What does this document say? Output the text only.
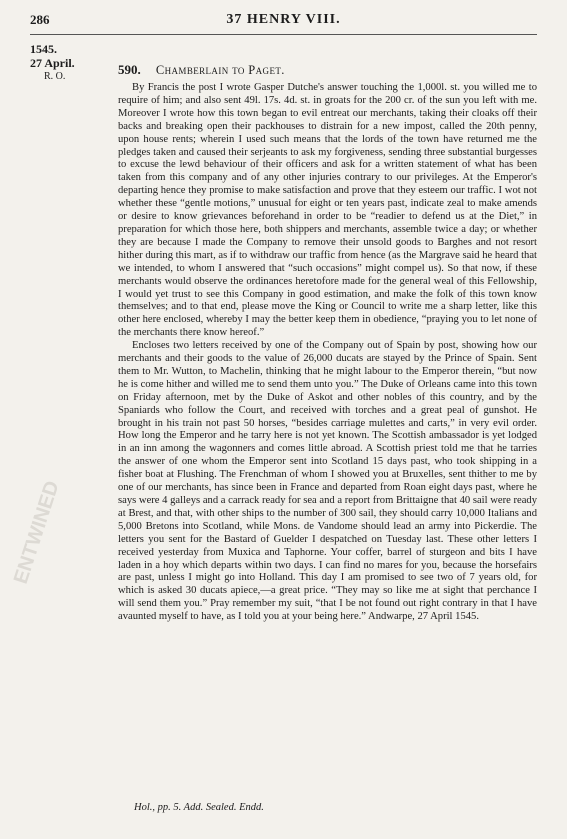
286	37 HENRY VIII.
1545.
27 April.
R. O.	590. Chamberlain to Paget.

By Francis the post I wrote Gasper Dutche's answer touching the 1,000l. st. you willed me to require of him; and also sent 49l. 17s. 4d. st. in groats for the 200 cr. of the sun you left with me. Moreover I wrote how this town began to evil entreat our merchants, taking their cloaks off their backs and breaking open their packhouses to distrain for a new impost, called the 20th penny, upon house rents; wherein I used such means that the lords of the town have returned me the pledges taken and caused their serjeants to ask my forgiveness, sending three substantial burgesses to excuse the lewd behaviour of their officers and ask for a written statement of what has been taken from this company and of any other injuries contrary to our privileges. At the Emperor's departing hence they promise to make satisfaction and prove that they esteem our traffic. I wot not whether these “gentle motions,” unusual for eight or ten years past, indicate zeal to make amends or desire to know grievances beforehand in order to be “readier to defend us at the Diet,” in preparation for which those here, both shippers and merchants, assemble twice a day; or whether they are because I made the Company to remove their unsold goods to Barghes and not resort hither during this mart, as if to withdraw our traffic from hence (as the Margrave said he heard that we intended, to whom I answered that “such occasions” might compel us). So that now, if these merchants would observe the ordinances heretofore made for the general weal of this Fellowship, I would yet trust to see this Company in good estimation, and make the folk of this town know themselves; and to that end, please move the King or Council to write me a sharp letter, like this other here enclosed, whereby I may the better keep them in obedience, “praying you to let none of the merchants there know hereof.”

Encloses two letters received by one of the Company out of Spain by post, showing how our merchants and their goods to the value of 26,000 ducats are stayed by the Prince of Spain. Sent them to Mr. Wutton, to Machelin, thinking that he might labour to the Emperor therein, “but now he is come hither and willed me to send them unto you.” The Duke of Orleans came into this town on Friday afternoon, met by the Duke of Askot and other nobles of this country, and by the Spaniards who follow the Court, and received with torches and a great peal of gunshot. He brought in his train not past 50 horses, “besides carriage mulettes and carts,” in very evil order. How long the Emperor and he tarry here is not yet known. The Scottish ambassador is yet lodged in an inn among the wagonners and comes little abroad. A Scottish priest told me that he tarries the answer of one whom the Emperor sent into Scotland 15 days past, who took shipping in a fisher boat at Flushing. The Frenchman of whom I showed you at Bruxelles, sent thither to me by one of our merchants, has since been in France and departed from Roan eight days past, where he says were 4 galleys and a carrack ready for sea and a report from Brittaigne that 40 sail were ready at Brest, and that, with other ships to the number of 300 sail, they should carry 10,000 Italians and 5,000 Bretons into Scotland, while Mons. de Vandome should lead an army into Pickerdie. The letters you sent for the Bastard of Guelder I despatched on Tuesday last. These other letters I received yesterday from Muxica and Taphorne. Your coffer, barrel of sturgeon and bits I have laden in a hoy which departs within two days. I can find no mares for you, because the horsefairs are past, unless I might go into Holland. This day I am promised to see two of 7 years old, for which is asked 30 ducats apiece,—a great price. “They may so like me at sight that perchance I will send them you.” Pray remember my suit, “that I be not found out right contrary in that I have avaunted myself to have, as I told you at your being here.” Andwarpe, 27 April 1545.

Hol., pp. 5. Add. Sealed. Endd.
ENTWINED
